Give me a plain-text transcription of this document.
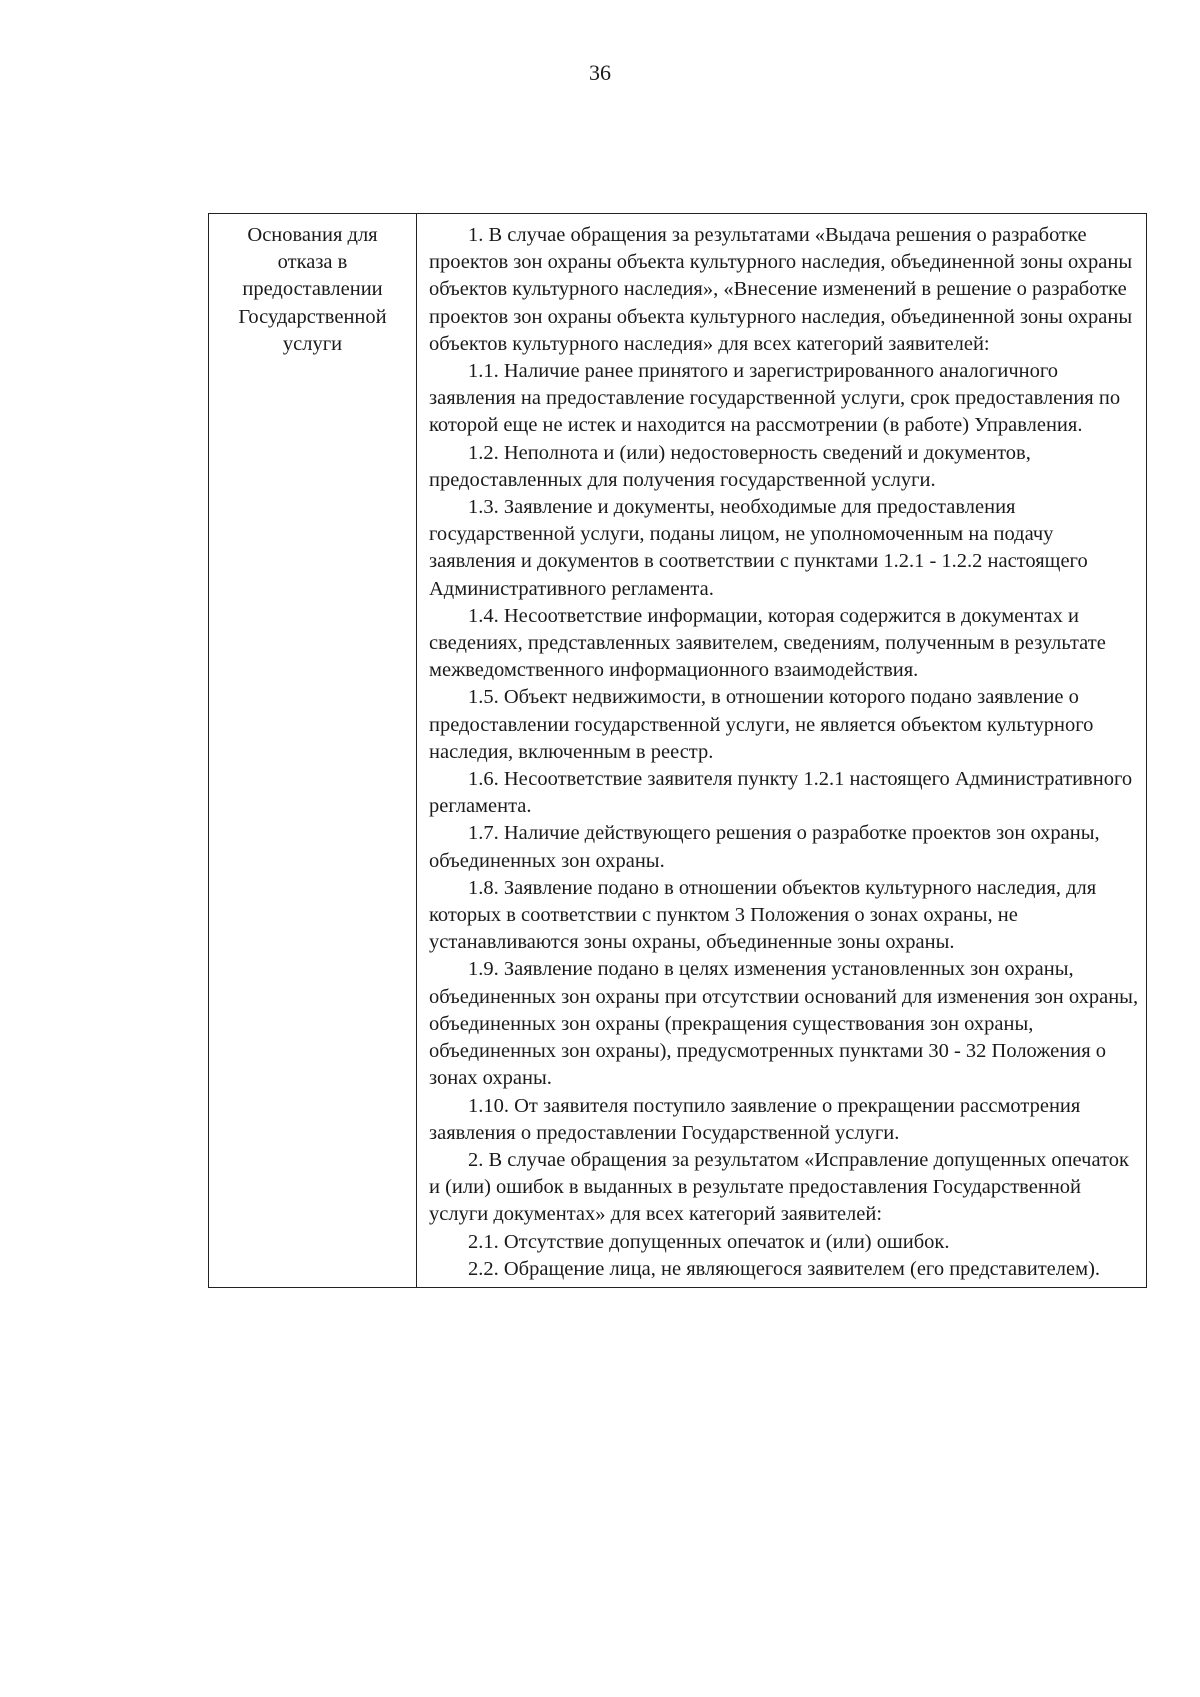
36
Основания для
отказа в
предоставлении
Государственной
услуги

1. В случае обращения за результатами «Выдача решения о разработке проектов зон охраны объекта культурного наследия, объединенной зоны охраны объектов культурного наследия», «Внесение изменений в решение о разработке проектов зон охраны объекта культурного наследия, объединенной зоны охраны объектов культурного наследия» для всех категорий заявителей:

1.1. Наличие ранее принятого и зарегистрированного аналогичного заявления на предоставление государственной услуги, срок предоставления по которой еще не истек и находится на рассмотрении (в работе) Управления.

1.2. Неполнота и (или) недостоверность сведений и документов, предоставленных для получения государственной услуги.

1.3. Заявление и документы, необходимые для предоставления государственной услуги, поданы лицом, не уполномоченным на подачу заявления и документов в соответствии с пунктами 1.2.1 - 1.2.2 настоящего Административного регламента.

1.4. Несоответствие информации, которая содержится в документах и сведениях, представленных заявителем, сведениям, полученным в результате межведомственного информационного взаимодействия.

1.5. Объект недвижимости, в отношении которого подано заявление о предоставлении государственной услуги, не является объектом культурного наследия, включенным в реестр.

1.6. Несоответствие заявителя пункту 1.2.1 настоящего Административного регламента.

1.7. Наличие действующего решения о разработке проектов зон охраны, объединенных зон охраны.

1.8. Заявление подано в отношении объектов культурного наследия, для которых в соответствии с пунктом 3 Положения о зонах охраны, не устанавливаются зоны охраны, объединенные зоны охраны.

1.9. Заявление подано в целях изменения установленных зон охраны, объединенных зон охраны при отсутствии оснований для изменения зон охраны, объединенных зон охраны (прекращения существования зон охраны, объединенных зон охраны), предусмотренных пунктами 30 - 32 Положения о зонах охраны.

1.10. От заявителя поступило заявление о прекращении рассмотрения заявления о предоставлении Государственной услуги.

2. В случае обращения за результатом «Исправление допущенных опечаток и (или) ошибок в выданных в результате предоставления Государственной услуги документах» для всех категорий заявителей:

2.1. Отсутствие допущенных опечаток и (или) ошибок.

2.2. Обращение лица, не являющегося заявителем (его представителем).
